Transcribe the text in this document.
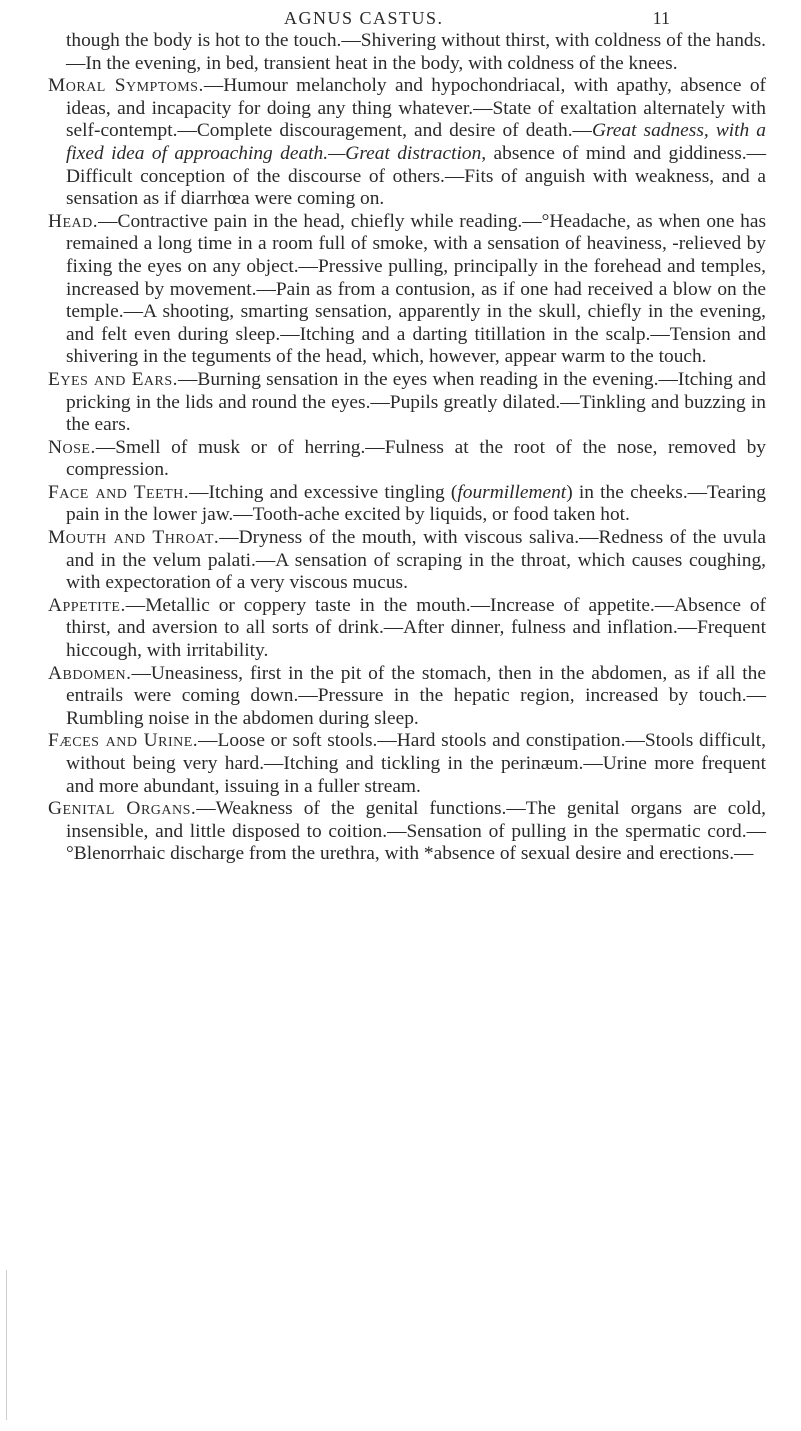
AGNUS CASTUS.	11

though the body is hot to the touch.—Shivering without thirst, with coldness of the hands.—In the evening, in bed, transient heat in the body, with coldness of the knees.

Moral Symptoms.—Humour melancholy and hypochondriacal, with apathy, absence of ideas, and incapacity for doing any thing whatever.—State of exaltation alternately with self-contempt.—Complete discouragement, and desire of death.—Great sadness, with a fixed idea of approaching death.—Great distraction, absence of mind and giddiness.—Difficult conception of the discourse of others.—Fits of anguish with weakness, and a sensation as if diarrhœa were coming on.

Head.—Contractive pain in the head, chiefly while reading.—°Headache, as when one has remained a long time in a room full of smoke, with a sensation of heaviness, -relieved by fixing the eyes on any object.—Pressive pulling, principally in the forehead and temples, increased by movement.—Pain as from a contusion, as if one had received a blow on the temple.—A shooting, smarting sensation, apparently in the skull, chiefly in the evening, and felt even during sleep.—Itching and a darting titillation in the scalp.—Tension and shivering in the teguments of the head, which, however, appear warm to the touch.

Eyes and Ears.—Burning sensation in the eyes when reading in the evening.—Itching and pricking in the lids and round the eyes.—Pupils greatly dilated.—Tinkling and buzzing in the ears.

Nose.—Smell of musk or of herring.—Fulness at the root of the nose, removed by compression.

Face and Teeth.—Itching and excessive tingling (fourmillement) in the cheeks.—Tearing pain in the lower jaw.—Tooth-ache excited by liquids, or food taken hot.

Mouth and Throat.—Dryness of the mouth, with viscous saliva.—Redness of the uvula and in the velum palati.—A sensation of scraping in the throat, which causes coughing, with expectoration of a very viscous mucus.

Appetite.—Metallic or coppery taste in the mouth.—Increase of appetite.—Absence of thirst, and aversion to all sorts of drink.—After dinner, fulness and inflation.—Frequent hiccough, with irritability.

Abdomen.—Uneasiness, first in the pit of the stomach, then in the abdomen, as if all the entrails were coming down.—Pressure in the hepatic region, increased by touch.—Rumbling noise in the abdomen during sleep.

Fæces and Urine.—Loose or soft stools.—Hard stools and constipation.—Stools difficult, without being very hard.—Itching and tickling in the perinæum.—Urine more frequent and more abundant, issuing in a fuller stream.

Genital Organs.—Weakness of the genital functions.—The genital organs are cold, insensible, and little disposed to coition.—Sensation of pulling in the spermatic cord.—°Blenorrhaic discharge from the urethra, with *absence of sexual desire and erections.—
